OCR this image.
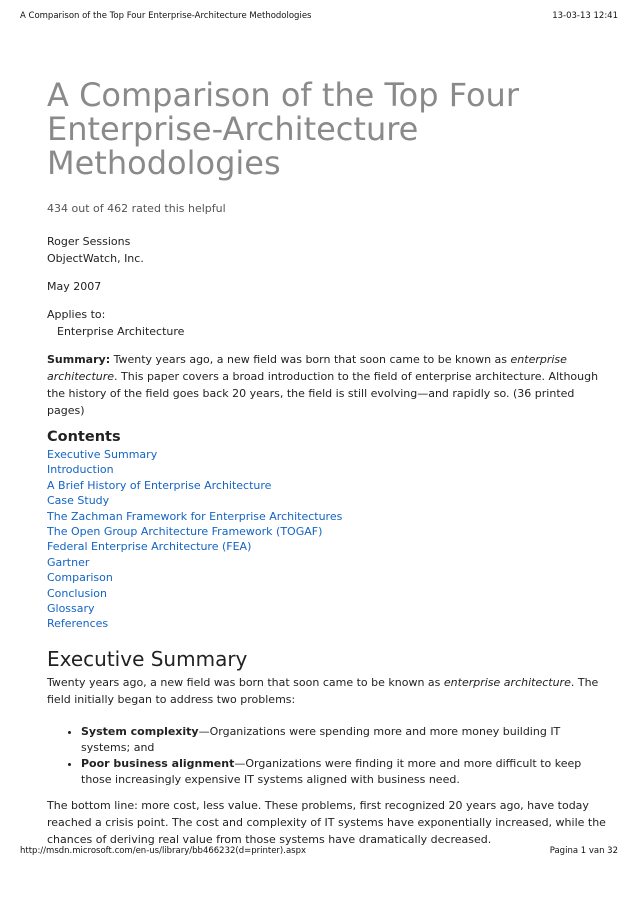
A Comparison of the Top Four Enterprise-Architecture Methodologies	13-03-13 12:41
A Comparison of the Top Four Enterprise-Architecture Methodologies
434 out of 462 rated this helpful
Roger Sessions
ObjectWatch, Inc.
May 2007
Applies to:
Enterprise Architecture
Summary: Twenty years ago, a new field was born that soon came to be known as enterprise architecture. This paper covers a broad introduction to the field of enterprise architecture. Although the history of the field goes back 20 years, the field is still evolving—and rapidly so. (36 printed pages)
Contents
Executive Summary
Introduction
A Brief History of Enterprise Architecture
Case Study
The Zachman Framework for Enterprise Architectures
The Open Group Architecture Framework (TOGAF)
Federal Enterprise Architecture (FEA)
Gartner
Comparison
Conclusion
Glossary
References
Executive Summary

Twenty years ago, a new field was born that soon came to be known as enterprise architecture. The field initially began to address two problems:

• System complexity—Organizations were spending more and more money building IT systems; and
• Poor business alignment—Organizations were finding it more and more difficult to keep those increasingly expensive IT systems aligned with business need.

The bottom line: more cost, less value. These problems, first recognized 20 years ago, have today reached a crisis point. The cost and complexity of IT systems have exponentially increased, while the chances of deriving real value from those systems have dramatically decreased.

http://msdn.microsoft.com/en-us/library/bb466232(d=printer).aspx	Pagina 1 van 32
